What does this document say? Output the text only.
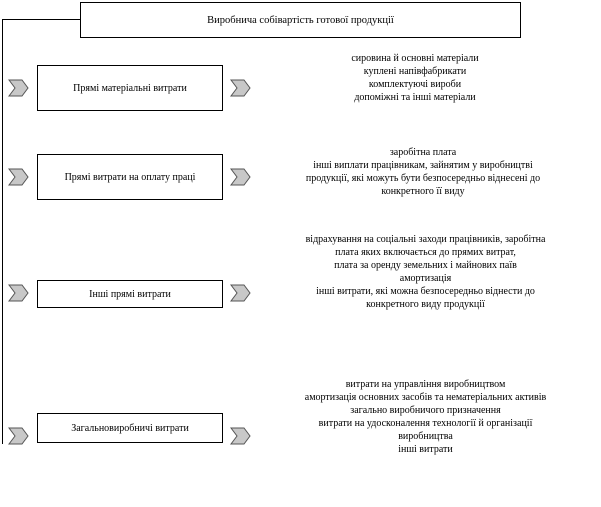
Виробнича собівартість готової продукції
Прямі матеріальні витрати
сировина й основні матеріали
куплені напівфабрикати
комплектуючі вироби
допоміжні та інші матеріали
Прямі витрати на оплату праці
заробітна плата
інші виплати працівникам, зайнятим у виробництві
продукції, які можуть бути безпосередньо віднесені до
конкретного її виду
Інші прямі витрати
відрахування на соціальні заходи працівників, заробітна
плата яких включається до прямих витрат,
плата за оренду земельних і майнових паїв
амортизація
інші витрати, які можна безпосередньо віднести до
конкретного виду продукції
Загальновиробничі витрати
витрати на управління виробництвом
амортизація основних засобів та нематеріальних активів
загально виробничого призначення
витрати на удосконалення технології й організації
виробництва
інші витрати
